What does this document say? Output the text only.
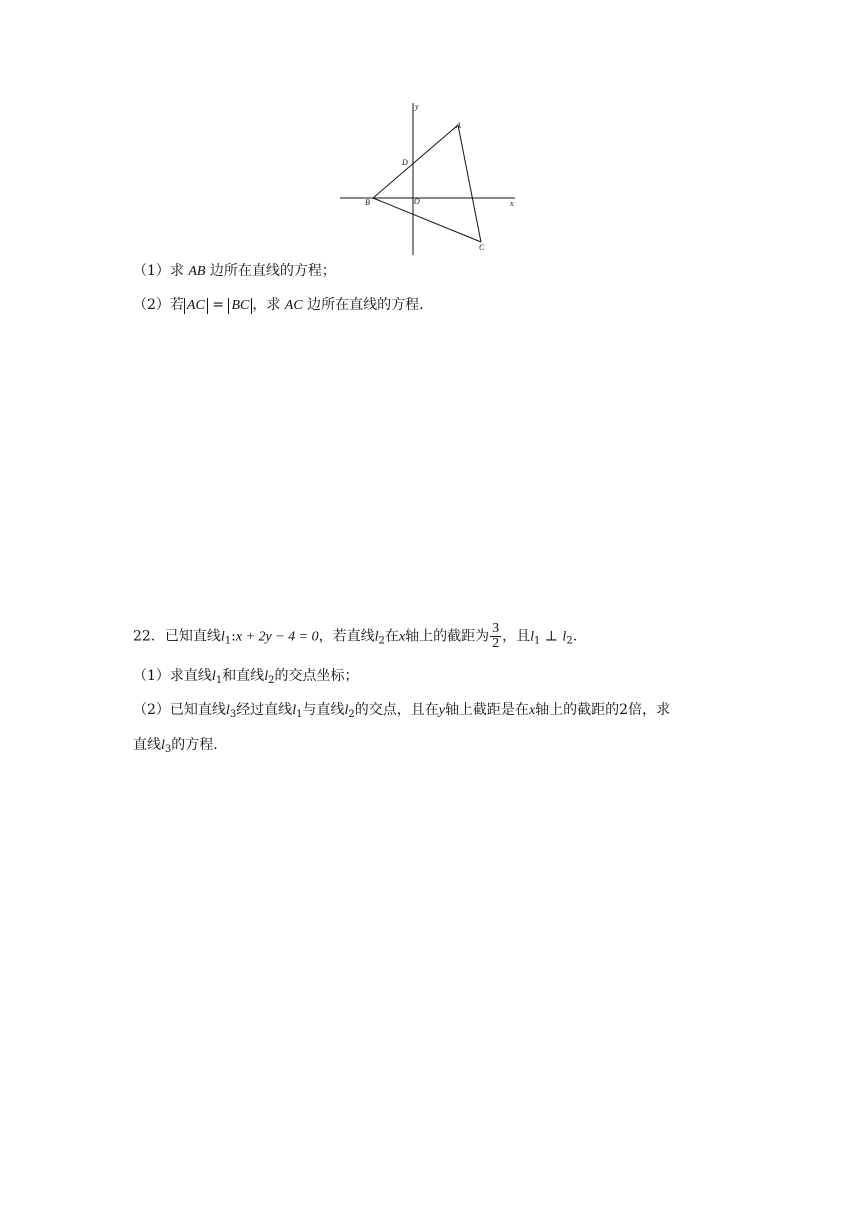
y
A
D
B	O	x
C
（1）求 AB 边所在直线的方程；
（2）若 AC = BC ，求 AC 边所在直线的方程.
22．已知直线$l_1:x + 2y - 4 = 0$，若直线$l_2$在x轴上的截距为 $\frac{3}{2}$ ，且$l_1$ ⊥ $l_2$.
（1）求直线$l_1$和直线$l_2$的交点坐标；
（2）已知直线$l_3$经过直线$l_1$与直线$l_2$的交点，且在y轴上截距是在x轴上的截距的2倍，求
直线$l_3$的方程.
